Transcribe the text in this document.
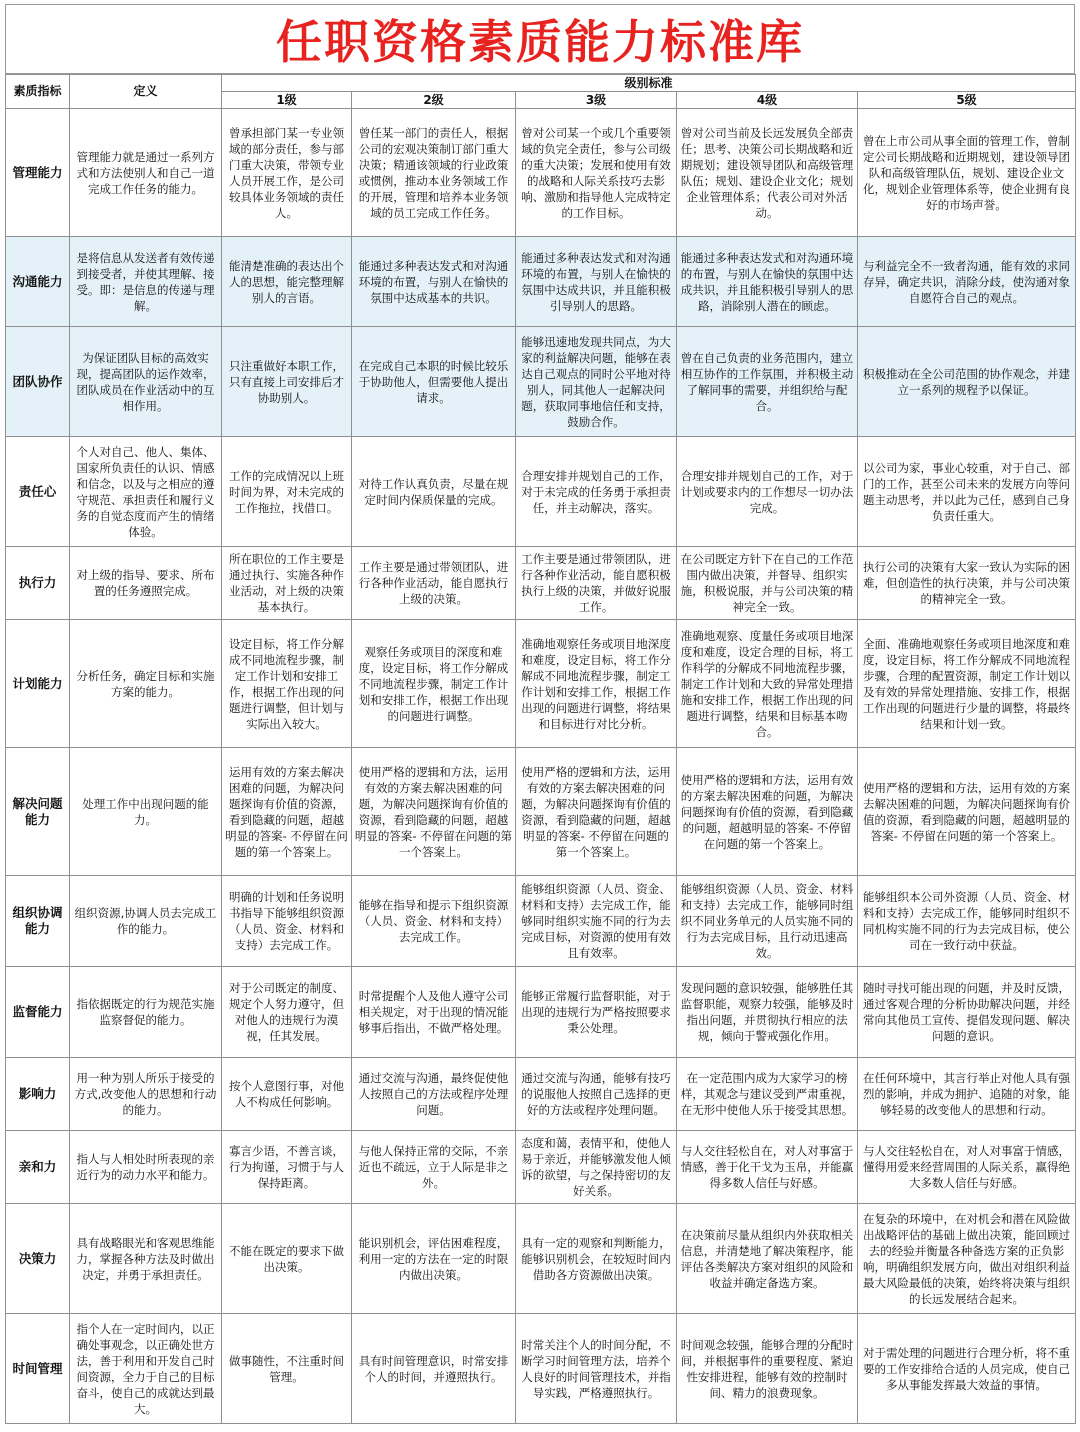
任职资格素质能力标准库
素质指标	定义	级别标准				
		1级	2级	3级	4级	5级
管理能力	管理能力就是通过一系列方式和方法使别人和自己一道完成工作任务的能力。	曾承担部门某一专业领域的部分责任，参与部门重大决策，带领专业人员开展工作，是公司较具体业务领域的责任人。	曾任某一部门的责任人，根据公司的宏观决策制订部门重大决策；精通该领域的行业政策或惯例，推动本业务领域工作的开展，管理和培养本业务领域的员工完成工作任务。	曾对公司某一个或几个重要领域的负完全责任，参与公司级的重大决策；发展和使用有效的战略和人际关系技巧去影响、激励和指导他人完成特定的工作目标。	曾对公司当前及长远发展负全部责任；思考、决策公司长期战略和近期规划；建设领导团队和高级管理队伍；规划、建设企业文化；规划企业管理体系；代表公司对外活动。	曾在上市公司从事全面的管理工作，曾制定公司长期战略和近期规划，建设领导团队和高级管理队伍，规划、建设企业文化，规划企业管理体系等，使企业拥有良好的市场声誉。
沟通能力	是将信息从发送者有效传递到接受者，并使其理解、接受。即：是信息的传递与理解。	能清楚准确的表达出个人的思想，能完整理解别人的言语。	能通过多种表达发式和对沟通环境的布置，与别人在愉快的氛围中达成基本的共识。	能通过多种表达发式和对沟通环境的布置，与别人在愉快的氛围中达成共识，并且能积极引导别人的思路。	能通过多种表达发式和对沟通环境的布置，与别人在愉快的氛围中达成共识，并且能积极引导别人的思路，消除别人潜在的顾虑。	与利益完全不一致者沟通，能有效的求同存异，确定共识，消除分歧，使沟通对象自愿符合自己的观点。
团队协作	为保证团队目标的高效实现，提高团队的运作效率，团队成员在作业活动中的互相作用。	只注重做好本职工作，只有直接上司安排后才协助别人。	在完成自己本职的时候比较乐于协助他人，但需要他人提出请求。	能够迅速地发现共同点，为大家的利益解决问题，能够在表达自己观点的同时公平地对待别人，同其他人一起解决问题，获取同事地信任和支持，鼓励合作。	曾在自己负责的业务范围内，建立相互协作的工作氛围，并积极主动了解同事的需要，并组织给与配合。	积极推动在全公司范围的协作观念，并建立一系列的规程予以保证。
责任心	个人对自己、他人、集体、国家所负责任的认识、情感和信念，以及与之相应的遵守规范、承担责任和履行义务的自觉态度而产生的情绪体验。	工作的完成情况以上班时间为界，对未完成的工作拖拉，找借口。	对待工作认真负责，尽量在规定时间内保质保量的完成。	合理安排并规划自己的工作，对于未完成的任务勇于承担责任，并主动解决，落实。	合理安排并规划自己的工作，对于计划或要求内的工作想尽一切办法完成。	以公司为家，事业心较重，对于自己、部门的工作，甚至公司未来的发展方向等问题主动思考，并以此为己任，感到自己身负责任重大。
执行力	对上级的指导、要求、所布置的任务遵照完成。	所在职位的工作主要是通过执行、实施各种作业活动，对上级的决策基本执行。	工作主要是通过带领团队，进行各种作业活动，能自愿执行上级的决策。	工作主要是通过带领团队，进行各种作业活动，能自愿积极执行上级的决策，并做好说服工作。	在公司既定方针下在自己的工作范围内做出决策，并督导、组织实施，积极说服，并与公司决策的精神完全一致。	执行公司的决策有大家一致认为实际的困难，但创造性的执行决策，并与公司决策的精神完全一致。
计划能力	分析任务，确定目标和实施方案的能力。	设定目标，将工作分解成不同地流程步骤，制定工作计划和安排工作，根据工作出现的问题进行调整，但计划与实际出入较大。	观察任务或项目的深度和难度，设定目标，将工作分解成不同地流程步骤，制定工作计划和安排工作，根据工作出现的问题进行调整。	准确地观察任务或项目地深度和难度，设定目标，将工作分解成不同地流程步骤，制定工作计划和安排工作，根据工作出现的问题进行调整，将结果和目标进行对比分析。	准确地观察、度量任务或项目地深度和难度，设定合理的目标，将工作科学的分解成不同地流程步骤，制定工作计划和大致的异常处理措施和安排工作，根据工作出现的问题进行调整，结果和目标基本吻合。	全面、准确地观察任务或项目地深度和难度，设定目标，将工作分解成不同地流程步骤，合理的配置资源，制定工作计划以及有效的异常处理措施、安排工作，根据工作出现的问题进行少量的调整，将最终结果和计划一致。
解决问题能力	处理工作中出现问题的能力。	运用有效的方案去解决困难的问题，为解决问题探询有价值的资源，看到隐藏的问题，超越明显的答案- 不停留在问题的第一个答案上。	使用严格的逻辑和方法，运用有效的方案去解决困难的问题，为解决问题探询有价值的资源，看到隐藏的问题，超越明显的答案- 不停留在问题的第一个答案上。	使用严格的逻辑和方法，运用有效的方案去解决困难的问题，为解决问题探询有价值的资源，看到隐藏的问题，超越明显的答案- 不停留在问题的第一个答案上。	使用严格的逻辑和方法，运用有效的方案去解决困难的问题，为解决问题探询有价值的资源，看到隐藏的问题，超越明显的答案- 不停留在问题的第一个答案上。	使用严格的逻辑和方法，运用有效的方案去解决困难的问题，为解决问题探询有价值的资源，看到隐藏的问题，超越明显的答案- 不停留在问题的第一个答案上。
组织协调能力	组织资源,协调人员去完成工作的能力。	明确的计划和任务说明书指导下能够组织资源（人员、资金、材料和支持）去完成工作。	能够在指导和提示下组织资源（人员、资金、材料和支持）去完成工作。	能够组织资源（人员、资金、材料和支持）去完成工作，能够同时组织实施不同的行为去完成目标，对资源的使用有效且有效率。	能够组织资源（人员、资金、材料和支持）去完成工作，能够同时组织不同业务单元的人员实施不同的行为去完成目标，且行动迅速高效。	能够组织本公司外资源（人员、资金、材料和支持）去完成工作，能够同时组织不同机构实施不同的行为去完成目标，使公司在一致行动中获益。
监督能力	指依据既定的行为规范实施监察督促的能力。	对于公司既定的制度、规定个人努力遵守，但对他人的违规行为漠视，任其发展。	时常提醒个人及他人遵守公司相关规定，对于出现的情况能够事后指出，不做严格处理。	能够正常履行监督职能，对于出现的违规行为严格按照要求秉公处理。	发现问题的意识较强，能够胜任其监督职能，观察力较强，能够及时指出问题，并贯彻执行相应的法规，倾向于警戒强化作用。	随时寻找可能出现的问题，并及时反馈，通过客观合理的分析协助解决问题，并经常向其他员工宣传、提倡发现问题、解决问题的意识。
影响力	用一种为别人所乐于接受的方式,改变他人的思想和行动的能力。	按个人意图行事，对他人不构成任何影响。	通过交流与沟通，最终促使他人按照自己的方法或程序处理问题。	通过交流与沟通，能够有技巧的说服他人按照自己选择的更好的方法或程序处理问题。	在一定范围内成为大家学习的榜样，其观念与建议受到严肃重视，在无形中使他人乐于接受其思想。	在任何环境中，其言行举止对他人具有强烈的影响，并成为拥护、追随的对象，能够轻易的改变他人的思想和行动。
亲和力	指人与人相处时所表现的亲近行为的动力水平和能力。	寡言少语，不善言谈，行为拘谨，习惯于与人保持距离。	与他人保持正常的交际，不亲近也不疏远，立于人际是非之外。	态度和蔼，表情平和，使他人易于亲近，并能够激发他人倾诉的欲望，与之保持密切的友好关系。	与人交往轻松自在，对人对事富于情感，善于化干戈为玉帛，并能赢得多数人信任与好感。	与人交往轻松自在，对人对事富于情感，懂得用爱来经营周围的人际关系，赢得绝大多数人信任与好感。
决策力	具有战略眼光和客观思维能力，掌握各种方法及时做出决定，并勇于承担责任。	不能在既定的要求下做出决策。	能识别机会，评估困难程度，利用一定的方法在一定的时限内做出决策。	具有一定的观察和判断能力，能够识别机会，在较短时间内借助各方资源做出决策。	在决策前尽量从组织内外获取相关信息，并清楚地了解决策程序，能评估各类解决方案对组织的风险和收益并确定备选方案。	在复杂的环境中，在对机会和潜在风险做出战略评估的基础上做出决策，能回顾过去的经验并衡量各种备选方案的正负影响，明确组织发展方向，做出对组织利益最大风险最低的决策，始终将决策与组织的长远发展结合起来。
时间管理	指个人在一定时间内，以正确处事观念，以正确处世方法，善于利用和开发自己时间资源，全力于自己的目标奋斗，使自己的成就达到最大。	做事随性，不注重时间管理。	具有时间管理意识，时常安排个人的时间，并遵照执行。	时常关注个人的时间分配，不断学习时间管理方法，培养个人良好的时间管理技术，并指导实践，严格遵照执行。	时间观念较强，能够合理的分配时间，并根据事件的重要程度、紧迫性安排进程，能够有效的控制时间、精力的浪费现象。	对于需处理的问题进行合理分析，将不重要的工作安排给合适的人员完成，使自己多从事能发挥最大效益的事情。
